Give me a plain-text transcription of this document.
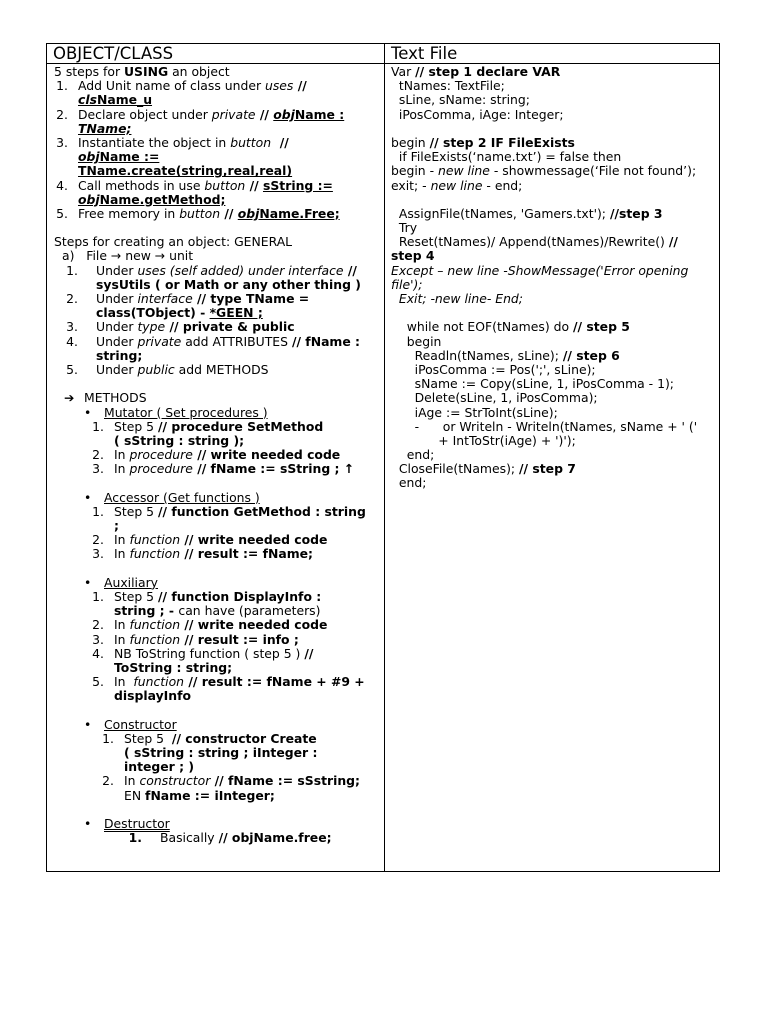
OBJECT/CLASS	Text File
5 steps for USING an object
1. Add Unit name of class under uses //
clsName_u
2. Declare object under private // objName :
TName;
3. Instantiate the object in button  //
objName :=
TName.create(string,real,real)
4. Call methods in use button // sString :=
objName.getMethod;
5. Free memory in button // objName.Free;
Steps for creating an object: GENERAL
a)   File → new → unit
1. Under uses (self added) under interface //
sysUtils ( or Math or any other thing )
2. Under interface // type TName =
class(TObject) - *GEEN ;
3. Under type // private & public
4. Under private add ATTRIBUTES // fName :
string;
5. Under public add METHODS
➔ METHODS
• Mutator ( Set procedures )
1. Step 5 // procedure SetMethod
( sString : string );
2. In procedure // write needed code
3. In procedure // fName := sString ; ↑
• Accessor (Get functions )
1. Step 5 // function GetMethod : string
;
2. In function // write needed code
3. In function // result := fName;
• Auxiliary
1. Step 5 // function DisplayInfo :
string ; - can have (parameters)
2. In function // write needed code
3. In function // result := info ;
4. NB ToString function ( step 5 ) //
ToString : string;
5. In  function // result := fName + #9 +
displayInfo
• Constructor
1. Step 5  // constructor Create
( sString : string ; iInteger :
integer ; )
2. In constructor // fName := sSstring;
EN fName := iInteger;
• Destructor
1. Basically // objName.free;
Var // step 1 declare VAR
tNames: TextFile;
sLine, sName: string;
iPosComma, iAge: Integer;
begin // step 2 IF FileExists
if FileExists(‘name.txt’) = false then
begin - new line - showmessage(‘File not found’);
exit; - new line - end;
AssignFile(tNames, 'Gamers.txt'); //step 3
Try
Reset(tNames)/ Append(tNames)/Rewrite() //
step 4
Except – new line -ShowMessage('Error opening
file');
Exit; -new line- End;
while not EOF(tNames) do // step 5
begin
Readln(tNames, sLine); // step 6
iPosComma := Pos(';', sLine);
sName := Copy(sLine, 1, iPosComma - 1);
Delete(sLine, 1, iPosComma);
iAge := StrToInt(sLine);
-      or Writeln - Writeln(tNames, sName + ' ('
+ IntToStr(iAge) + ')');
end;
CloseFile(tNames); // step 7
end;
